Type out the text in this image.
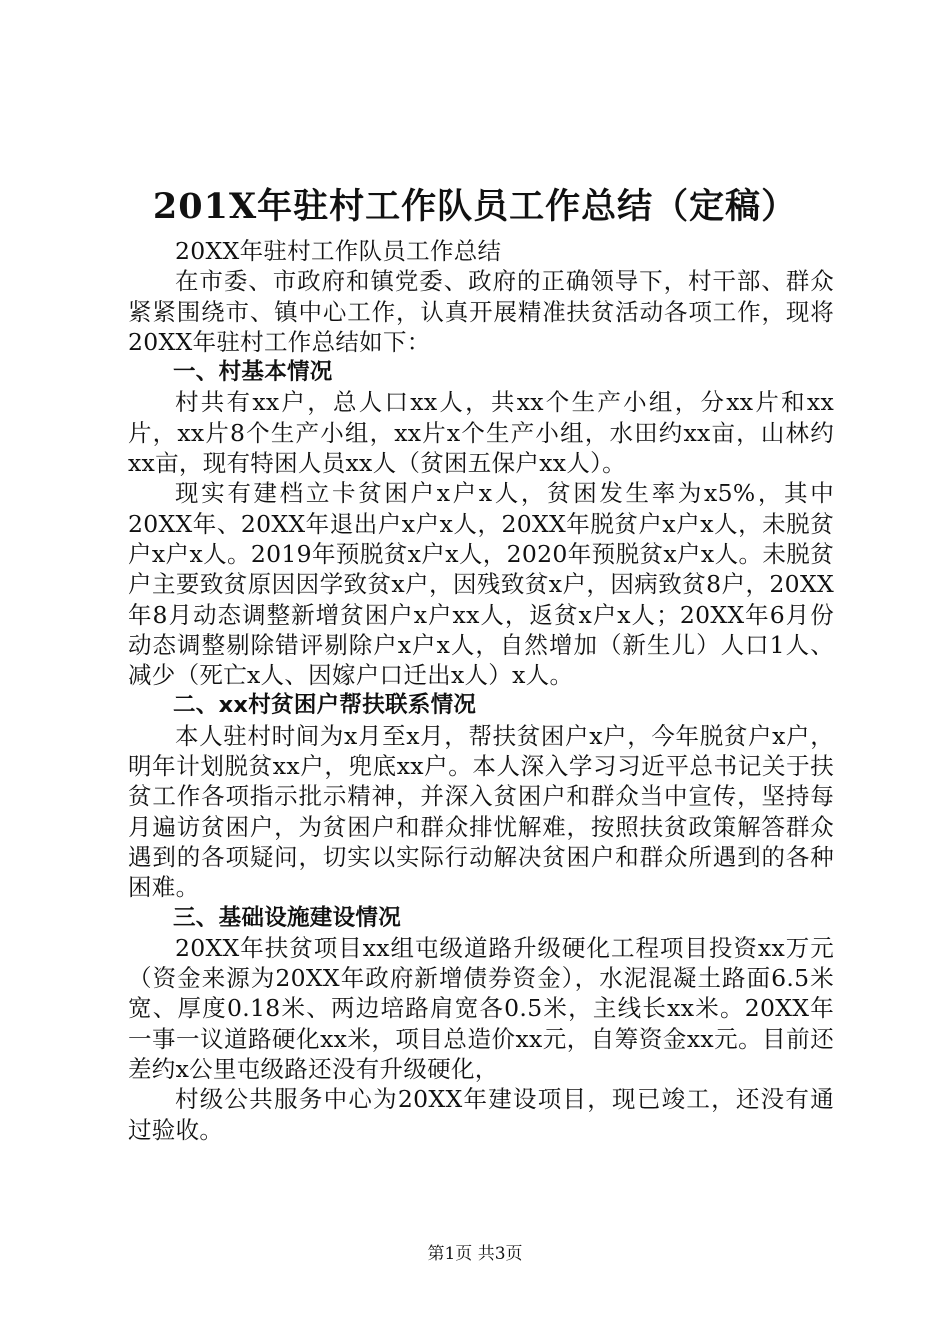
201X年驻村工作队员工作总结（定稿）

20XX年驻村工作队员工作总结

在市委、市政府和镇党委、政府的正确领导下，村干部、群众紧紧围绕市、镇中心工作，认真开展精准扶贫活动各项工作，现将20XX年驻村工作总结如下：

一、村基本情况

村共有xx户，总人口xx人，共xx个生产小组，分xx片和xx片，xx片8个生产小组，xx片x个生产小组，水田约xx亩，山林约xx亩，现有特困人员xx人（贫困五保户xx人）。

现实有建档立卡贫困户x户x人，贫困发生率为x5%，其中20XX年、20XX年退出户x户x人，20XX年脱贫户x户x人，未脱贫户x户x人。2019年预脱贫x户x人，2020年预脱贫x户x人。未脱贫户主要致贫原因因学致贫x户，因残致贫x户，因病致贫8户，20XX年8月动态调整新增贫困户x户xx人，返贫x户x人；20XX年6月份动态调整剔除错评剔除户x户x人，自然增加（新生儿）人口1人、减少（死亡x人、因嫁户口迁出x人）x人。

二、xx村贫困户帮扶联系情况

本人驻村时间为x月至x月，帮扶贫困户x户，今年脱贫户x户，明年计划脱贫xx户，兜底xx户。本人深入学习习近平总书记关于扶贫工作各项指示批示精神，并深入贫困户和群众当中宣传，坚持每月遍访贫困户，为贫困户和群众排忧解难，按照扶贫政策解答群众遇到的各项疑问，切实以实际行动解决贫困户和群众所遇到的各种困难。

三、基础设施建设情况

20XX年扶贫项目xx组屯级道路升级硬化工程项目投资xx万元（资金来源为20XX年政府新增债券资金），水泥混凝土路面6.5米宽、厚度0.18米、两边培路肩宽各0.5米，主线长xx米。20XX年一事一议道路硬化xx米，项目总造价xx元，自筹资金xx元。目前还差约x公里屯级路还没有升级硬化，

村级公共服务中心为20XX年建设项目，现已竣工，还没有通过验收。

第1页 共3页
